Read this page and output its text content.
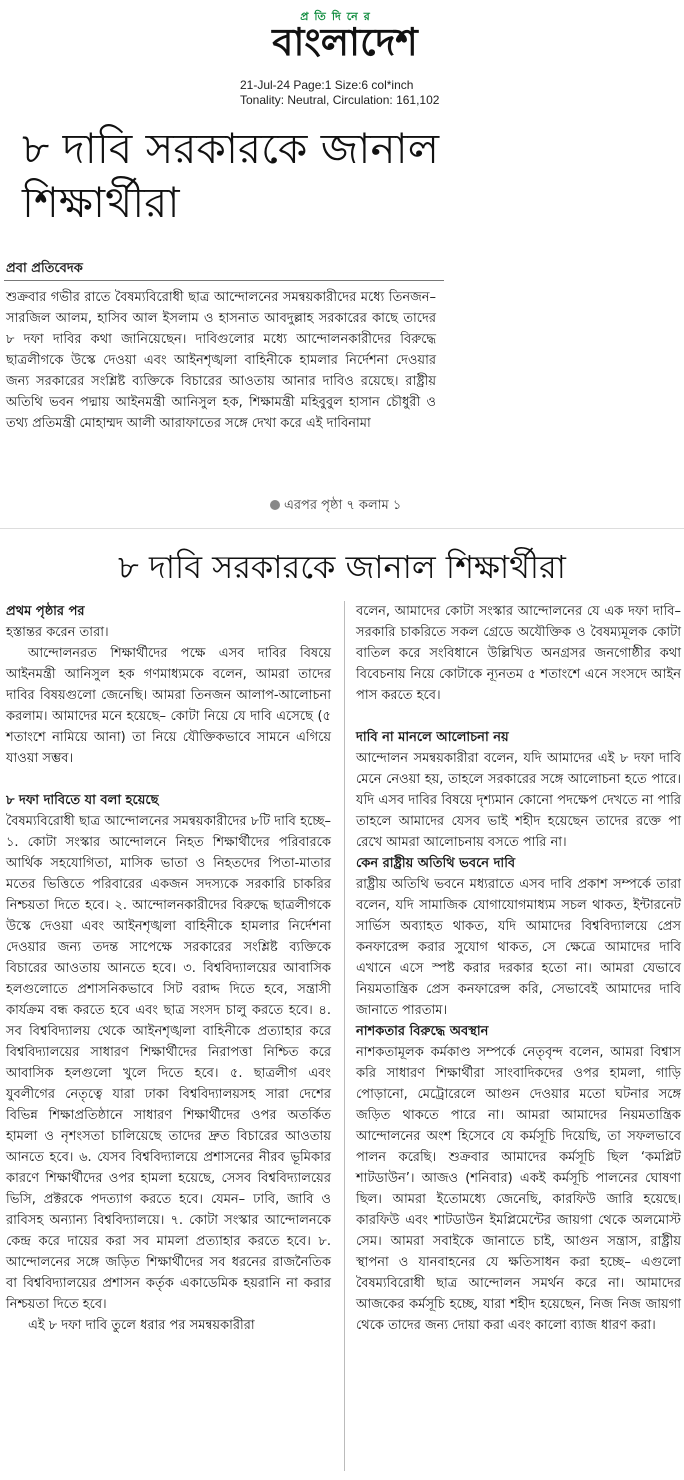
প্রতিদিনের
বাংলাদেশ
21-Jul-24 Page:1 Size:6 col*inch
Tonality: Neutral, Circulation: 161,102
৮ দাবি সরকারকে জানাল শিক্ষার্থীরা
প্রবা প্রতিবেদক

শুক্রবার গভীর রাতে বৈষম্যবিরোধী ছাত্র আন্দোলনের সমন্বয়কারীদের মধ্যে তিনজন– সারজিল আলম, হাসিব আল ইসলাম ও হাসনাত আবদুল্লাহ সরকারের কাছে তাদের ৮ দফা দাবির কথা জানিয়েছেন। দাবিগুলোর মধ্যে আন্দোলনকারীদের বিরুদ্ধে ছাত্রলীগকে উস্কে দেওয়া এবং আইনশৃঙ্খলা বাহিনীকে হামলার নির্দেশনা দেওয়ার জন্য সরকারের সংশ্লিষ্ট ব্যক্তিকে বিচারের আওতায় আনার দাবিও রয়েছে। রাষ্ট্রীয় অতিথি ভবন পদ্মায় আইনমন্ত্রী আনিসুল হক, শিক্ষামন্ত্রী মহিবুবুল হাসান চৌধুরী ও তথ্য প্রতিমন্ত্রী মোহাম্মদ আলী আরাফাতের সঙ্গে দেখা করে এই দাবিনামা

এরপর পৃষ্ঠা ৭ কলাম ১
৮ দাবি সরকারকে জানাল শিক্ষার্থীরা

প্রথম পৃষ্ঠার পর

হস্তান্তর করেন তারা।

আন্দোলনরত শিক্ষার্থীদের পক্ষে এসব দাবির বিষয়ে আইনমন্ত্রী আনিসুল হক গণমাধ্যমকে বলেন, আমরা তাদের দাবির বিষয়গুলো জেনেছি। আমরা তিনজন আলাপ-আলোচনা করলাম। আমাদের মনে হয়েছে– কোটা নিয়ে যে দাবি এসেছে (৫ শতাংশে নামিয়ে আনা) তা নিয়ে যৌক্তিকভাবে সামনে এগিয়ে যাওয়া সম্ভব।

৮ দফা দাবিতে যা বলা হয়েছে

বৈষম্যবিরোধী ছাত্র আন্দোলনের সমন্বয়কারীদের ৮টি দাবি হচ্ছে– ১. কোটা সংস্কার আন্দোলনে নিহত শিক্ষার্থীদের পরিবারকে আর্থিক সহযোগিতা, মাসিক ভাতা ও নিহতদের পিতা-মাতার মতের ভিত্তিতে পরিবারের একজন সদস্যকে সরকারি চাকরির নিশ্চয়তা দিতে হবে। ২. আন্দোলনকারীদের বিরুদ্ধে ছাত্রলীগকে উস্কে দেওয়া এবং আইনশৃঙ্খলা বাহিনীকে হামলার নির্দেশনা দেওয়ার জন্য তদন্ত সাপেক্ষে সরকারের সংশ্লিষ্ট ব্যক্তিকে বিচারের আওতায় আনতে হবে। ৩. বিশ্ববিদ্যালয়ের আবাসিক হলগুলোতে প্রশাসনিকভাবে সিট বরাদ্দ দিতে হবে, সন্ত্রাসী কার্যক্রম বন্ধ করতে হবে এবং ছাত্র সংসদ চালু করতে হবে। ৪. সব বিশ্ববিদ্যালয় থেকে আইনশৃঙ্খলা বাহিনীকে প্রত্যাহার করে বিশ্ববিদ্যালয়ের সাধারণ শিক্ষার্থীদের নিরাপত্তা নিশ্চিত করে আবাসিক হলগুলো খুলে দিতে হবে। ৫. ছাত্রলীগ এবং যুবলীগের নেতৃত্বে যারা ঢাকা বিশ্ববিদ্যালয়সহ সারা দেশের বিভিন্ন শিক্ষাপ্রতিষ্ঠানে সাধারণ শিক্ষার্থীদের ওপর অতর্কিত হামলা ও নৃশংসতা চালিয়েছে তাদের দ্রুত বিচারের আওতায় আনতে হবে। ৬. যেসব বিশ্ববিদ্যালয়ে প্রশাসনের নীরব ভূমিকার কারণে শিক্ষার্থীদের ওপর হামলা হয়েছে, সেসব বিশ্ববিদ্যালয়ের ভিসি, প্রক্টরকে পদত্যাগ করতে হবে। যেমন– ঢাবি, জাবি ও রাবিসহ অন্যান্য বিশ্ববিদ্যালয়ে। ৭. কোটা সংস্কার আন্দোলনকে কেন্দ্র করে দায়ের করা সব মামলা প্রত্যাহার করতে হবে। ৮. আন্দোলনের সঙ্গে জড়িত শিক্ষার্থীদের সব ধরনের রাজনৈতিক বা বিশ্ববিদ্যালয়ের প্রশাসন কর্তৃক একাডেমিক হয়রানি না করার নিশ্চয়তা দিতে হবে।

এই ৮ দফা দাবি তুলে ধরার পর সমন্বয়কারীরা

বলেন, আমাদের কোটা সংস্কার আন্দোলনের যে এক দফা দাবি– সরকারি চাকরিতে সকল গ্রেডে অযৌক্তিক ও বৈষম্যমূলক কোটা বাতিল করে সংবিধানে উল্লিখিত অনগ্রসর জনগোষ্ঠীর কথা বিবেচনায় নিয়ে কোটাকে ন্যূনতম ৫ শতাংশে এনে সংসদে আইন পাস করতে হবে।

দাবি না মানলে আলোচনা নয়

আন্দোলন সমন্বয়কারীরা বলেন, যদি আমাদের এই ৮ দফা দাবি মেনে নেওয়া হয়, তাহলে সরকারের সঙ্গে আলোচনা হতে পারে। যদি এসব দাবির বিষয়ে দৃশ্যমান কোনো পদক্ষেপ দেখতে না পারি তাহলে আমাদের যেসব ভাই শহীদ হয়েছেন তাদের রক্তে পা রেখে আমরা আলোচনায় বসতে পারি না।

কেন রাষ্ট্রীয় অতিথি ভবনে দাবি

রাষ্ট্রীয় অতিথি ভবনে মধ্যরাতে এসব দাবি প্রকাশ সম্পর্কে তারা বলেন, যদি সামাজিক যোগাযোগমাধ্যম সচল থাকত, ইন্টারনেট সার্ভিস অব্যাহত থাকত, যদি আমাদের বিশ্ববিদ্যালয়ে প্রেস কনফারেন্স করার সুযোগ থাকত, সে ক্ষেত্রে আমাদের দাবি এখানে এসে স্পষ্ট করার দরকার হতো না। আমরা যেভাবে নিয়মতান্ত্রিক প্রেস কনফারেন্স করি, সেভাবেই আমাদের দাবি জানাতে পারতাম।

নাশকতার বিরুদ্ধে অবস্থান

নাশকতামূলক কর্মকাণ্ড সম্পর্কে নেতৃবৃন্দ বলেন, আমরা বিশ্বাস করি সাধারণ শিক্ষার্থীরা সাংবাদিকদের ওপর হামলা, গাড়ি পোড়ানো, মেট্রোরেলে আগুন দেওয়ার মতো ঘটনার সঙ্গে জড়িত থাকতে পারে না। আমরা আমাদের নিয়মতান্ত্রিক আন্দোলনের অংশ হিসেবে যে কর্মসূচি দিয়েছি, তা সফলভাবে পালন করেছি। শুক্রবার আমাদের কর্মসূচি ছিল ‘কমপ্লিট শাটডাউন’। আজও (শনিবার) একই কর্মসূচি পালনের ঘোষণা ছিল। আমরা ইতোমধ্যে জেনেছি, কারফিউ জারি হয়েছে। কারফিউ এবং শাটডাউন ইমপ্লিমেন্টের জায়গা থেকে অলমোস্ট সেম। আমরা সবাইকে জানাতে চাই, আগুন সন্ত্রাস, রাষ্ট্রীয় স্থাপনা ও যানবাহনের যে ক্ষতিসাধন করা হচ্ছে– এগুলো বৈষম্যবিরোধী ছাত্র আন্দোলন সমর্থন করে না। আমাদের আজকের কর্মসূচি হচ্ছে, যারা শহীদ হয়েছেন, নিজ নিজ জায়গা থেকে তাদের জন্য দোয়া করা এবং কালো ব্যাজ ধারণ করা।
